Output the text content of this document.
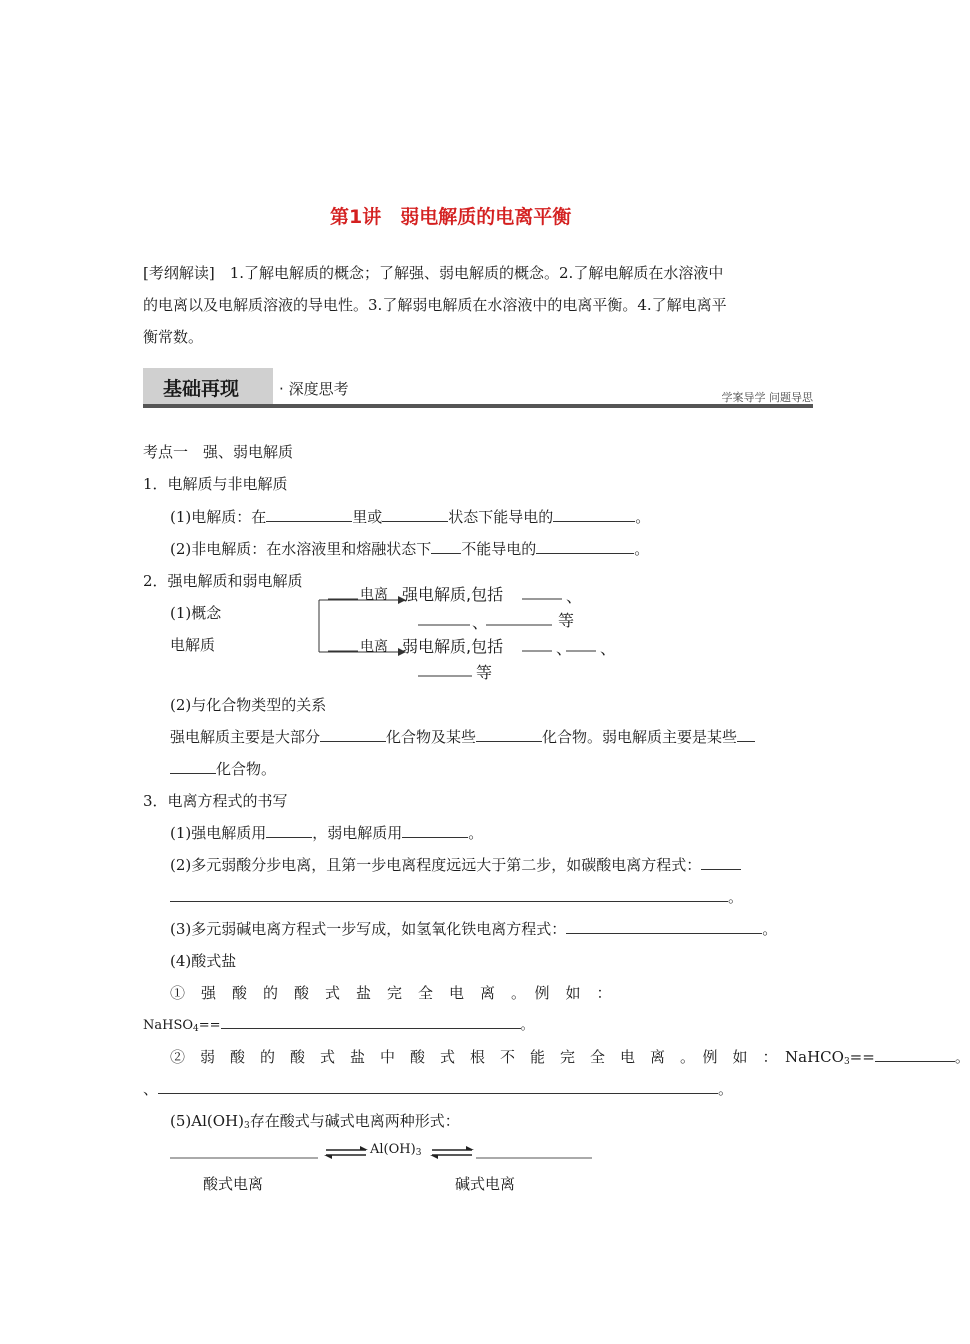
第1讲　弱电解质的电离平衡
[考纲解读]　1.了解电解质的概念；了解强、弱电解质的概念。2.了解电解质在水溶液中
的电离以及电解质溶液的导电性。3.了解弱电解质在水溶液中的电离平衡。4.了解电离平
衡常数。
基础再现	· 深度思考	学案导学 问题导思
考点一　强、弱电解质
1．电解质与非电解质
(1)电解质：在	里或	状态下能导电的	。
(2)非电解质：在水溶液里和熔融状态下 不能导电的	。
2．强电解质和弱电解质
(1)概念
电解质
电离 强电解质,包括	、
、	等
电离 弱电解质,包括	、 、
等
(2)与化合物类型的关系
强电解质主要是大部分	化合物及某些	化合物。弱电解质主要是某些
化合物。
3．电离方程式的书写
(1)强电解质用	，弱电解质用	。
(2)多元弱酸分步电离，且第一步电离程度远远大于第二步，如碳酸电离方程式：
。
(3)多元弱碱电离方程式一步写成，如氢氧化铁电离方程式：	。
(4)酸式盐
①　强　酸　的　酸　式　盐　完　全　电　离　。　例　如　：
NaHSO$_4$==	。
②　弱　酸　的　酸　式　盐　中　酸　式　根　不　能　完　全　电　离　。　例　如　：　NaHCO$_3$==	。
、	。
$(5)Al(OH)_3$存在酸式与碱式电离两种形式：
$Al(OH)_3$
酸式电离	碱式电离
